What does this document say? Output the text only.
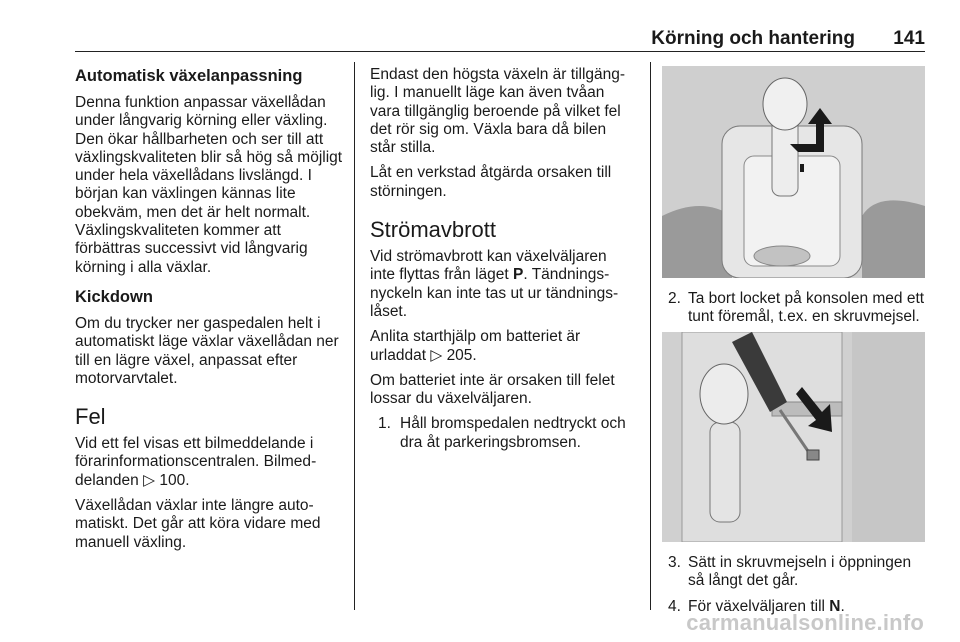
Körning och hantering 141
Automatisk växelanpassning

Denna funktion anpassar växellådan under långvarig körning eller växling. Den ökar hållbarheten och ser till att växlingskvaliteten blir så hög så möjligt under hela växellådans livslängd. I början kan växlingen kännas lite obekväm, men det är helt normalt. Växlingskvaliteten kommer att förbättras successivt vid långvarig körning i alla växlar.

Kickdown

Om du trycker ner gaspedalen helt i automatiskt läge växlar växellådan ner till en lägre växel, anpassat efter motorvarvtalet.

Fel

Vid ett fel visas ett bilmeddelande i förarinformationscentralen. Bilmeddelanden ▷ 100.

Växellådan växlar inte längre automatiskt. Det går att köra vidare med manuell växling.

Endast den högsta växeln är tillgänglig. I manuellt läge kan även tvåan vara tillgänglig beroende på vilket fel det rör sig om. Växla bara då bilen står stilla.

Låt en verkstad åtgärda orsaken till störningen.

Strömavbrott

Vid strömavbrott kan växelväljaren inte flyttas från läget P. Tändningsnyckeln kan inte tas ut ur tändningslåset.

Anlita starthjälp om batteriet är urladdat ▷ 205.

Om batteriet inte är orsaken till felet lossar du växelväljaren.

1. Håll bromspedalen nedtryckt och dra åt parkeringsbromsen.
2. Ta bort locket på konsolen med ett tunt föremål, t.ex. en skruvmejsel.
3. Sätt in skruvmejseln i öppningen så långt det går.
4. För växelväljaren till N.
carmanualsonline.info
